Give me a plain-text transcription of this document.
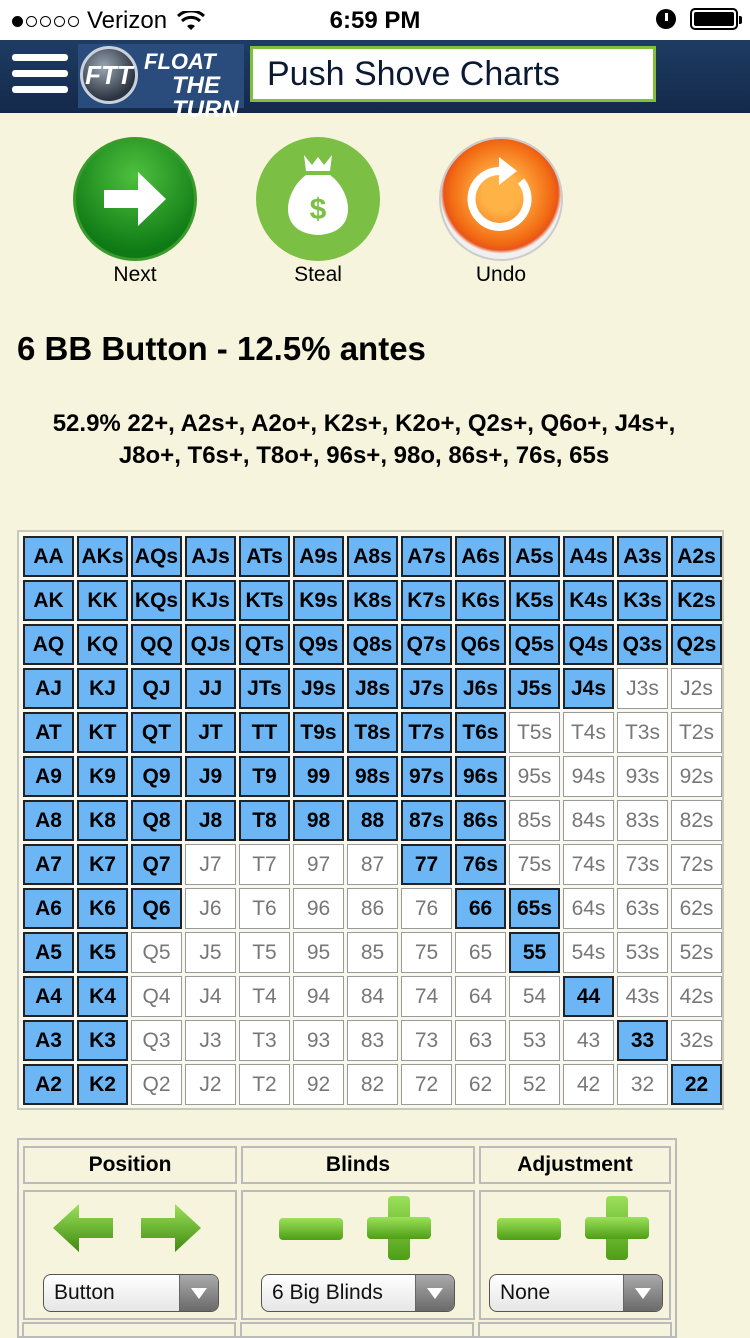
Verizon	6:59 PM
FTT FLOAT
THE TURN
Push Shove Charts
Next
$
Steal	Undo
6 BB Button - 12.5% antes
52.9% 22+, A2s+, A2o+, K2s+, K2o+, Q2s+, Q6o+, J4s+,
J8o+, T6s+, T8o+, 96s+, 98o, 86s+, 76s, 65s
AA AKs AQs AJs ATs A9s A8s A7s A6s A5s A4s A3s A2s
AK	KK KQs KJs KTs K9s K8s K7s K6s K5s K4s K3s K2s
AQ	KQ	QQ QJs QTs Q9s Q8s Q7s Q6s Q5s Q4s Q3s Q2s
AJ	KJ	QJ	JJ	JTs J9s J8s J7s J6s J5s J4s J3s	J2s
AT	KT	QT	JT	TT	T9s T8s T7s T6s T5s T4s T3s T2s
A9	K9	Q9	J9	T9	99	98s 97s 96s 95s 94s 93s 92s
A8	K8	Q8	J8	T8	98	88	87s 86s 85s 84s 83s 82s
A7	K7	Q7	J7	T7	97	87	77	76s 75s 74s 73s 72s
A6	K6	Q6	J6	T6	96	86	76	66	65s 64s 63s 62s
A5	K5	Q5	J5	T5	95	85	75	65	55	54s 53s 52s
A4	K4	Q4	J4	T4	94	84	74	64	54	44	43s 42s
A3	K3	Q3	J3	T3	93	83	73	63	53	43	33	32s
A2	K2	Q2	J2	T2	92	82	72	62	52	42	32	22
Position
Button
Blinds
6 Big Blinds
Adjustment
None
